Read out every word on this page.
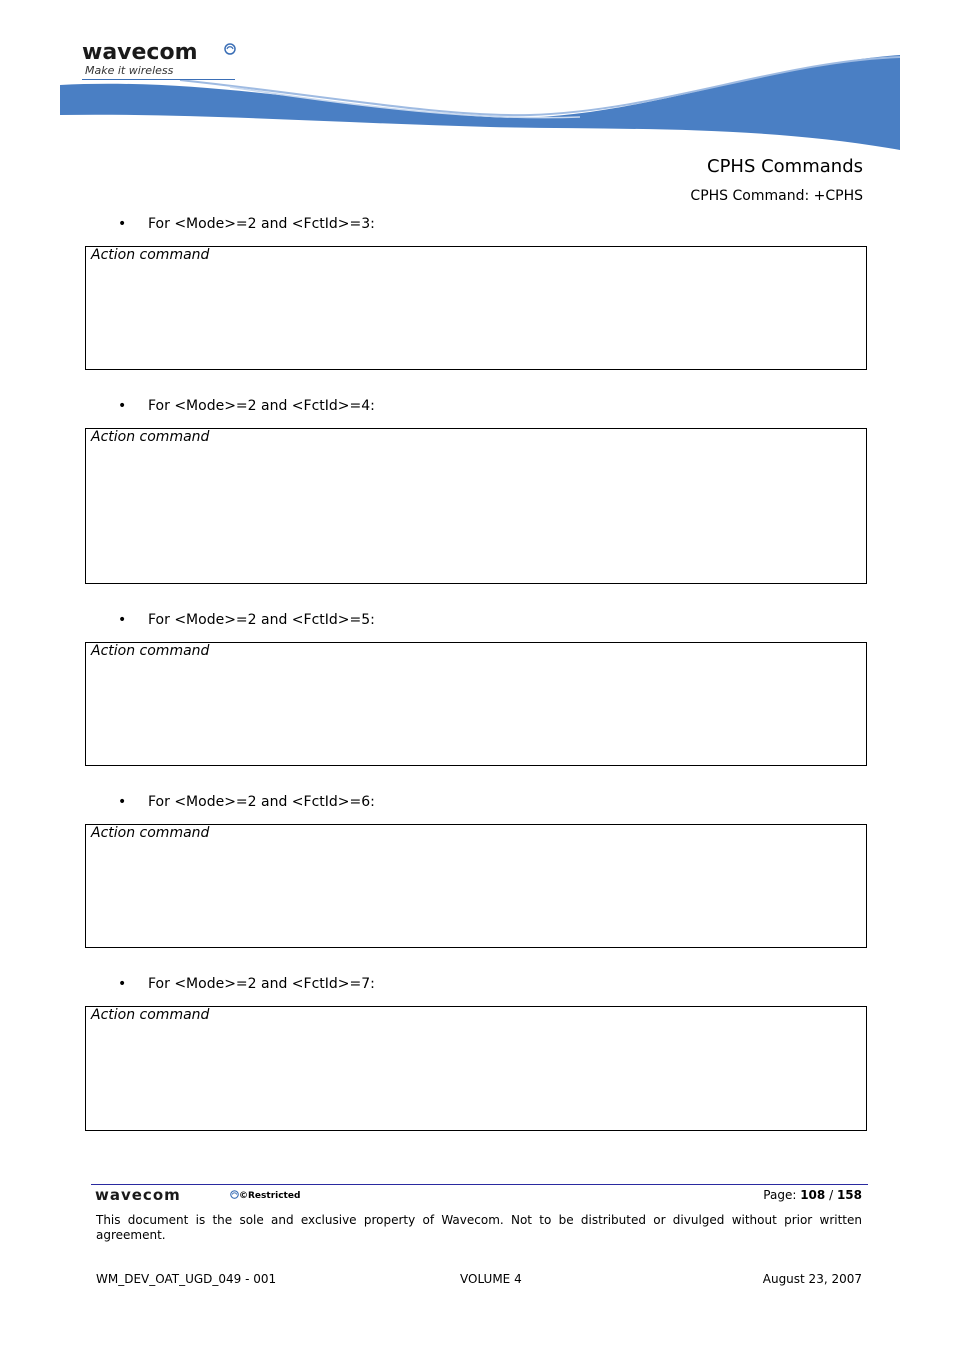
wavecom
Make it wireless
CPHS Commands
CPHS Command: +CPHS
• For <Mode>=2 and <FctId>=3:
Action command
• For <Mode>=2 and <FctId>=4:
Action command
• For <Mode>=2 and <FctId>=5:
Action command
• For <Mode>=2 and <FctId>=6:
Action command
• For <Mode>=2 and <FctId>=7:
Action command
wavecom	©Restricted	Page: 108 / 158
This document is the sole and exclusive property of Wavecom. Not to be distributed or divulged without prior written agreement.
WM_DEV_OAT_UGD_049 - 001	VOLUME 4	August 23, 2007
